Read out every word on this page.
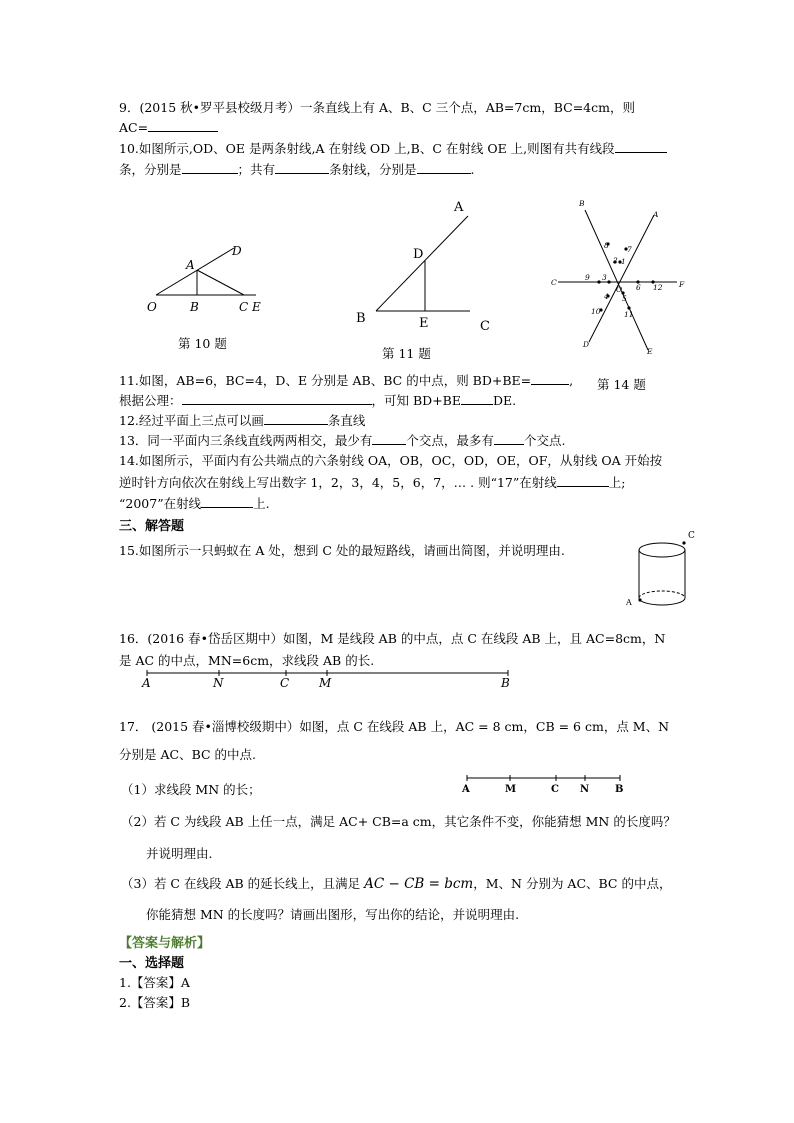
9．(2015 秋•罗平县校级月考）一条直线上有 A、B、C 三个点，AB=7cm，BC=4cm，则
AC=
10.如图所示,OD、OE 是两条射线,A 在射线 OD 上,B、C 在射线 OE 上,则图有共有线段
条，分别是	；共有	条射线，分别是	.
D
A
O	B	C E
第 10 题
A
D
B	E	C
第 11 题
B
A
C	F
D
E
O
1
2
3
4 5
6
7
8
9
10	11
12
第 14 题
11.如图，AB=6，BC=4，D、E 分别是 AB、BC 的中点，则 BD+BE=	,
根据公理：	，可知 BD+BE	DE.
12.经过平面上三点可以画	条直线
13．同一平面内三条线直线两两相交，最少有	个交点，最多有 个交点.
14.如图所示，平面内有公共端点的六条射线 OA，OB，OC，OD，OE，OF，从射线 OA 开始按
逆时针方向依次在射线上写出数字 1，2，3，4，5，6，7，… . 则“17”在射线	上;
“2007”在射线	上.
三、解答题
15.如图所示一只蚂蚁在 A 处，想到 C 处的最短路线，请画出简图，并说明理由.
C
A
16．(2016 春•岱岳区期中）如图，M 是线段 AB 的中点，点 C 在线段 AB 上，且 AC=8cm，N
是 AC 的中点，MN=6cm，求线段 AB 的长.
A	N	C M	B
17． (2015 春•淄博校级期中）如图，点 C 在线段 AB 上，AC = 8 cm，CB = 6 cm，点 M、N
分别是 AC、BC 的中点.
A	M	C N	B
（1）求线段 MN 的长；
（2）若 C 为线段 AB 上任一点，满足 AC+ CB=a cm，其它条件不变，你能猜想 MN 的长度吗？
并说明理由.
（3）若 C 在线段 AB 的延长线上，且满足 AC − CB = bcm，M、N 分别为 AC、BC 的中点，
你能猜想 MN 的长度吗？请画出图形，写出你的结论，并说明理由.
【答案与解析】
一、选择题
1.【答案】A
2.【答案】B
